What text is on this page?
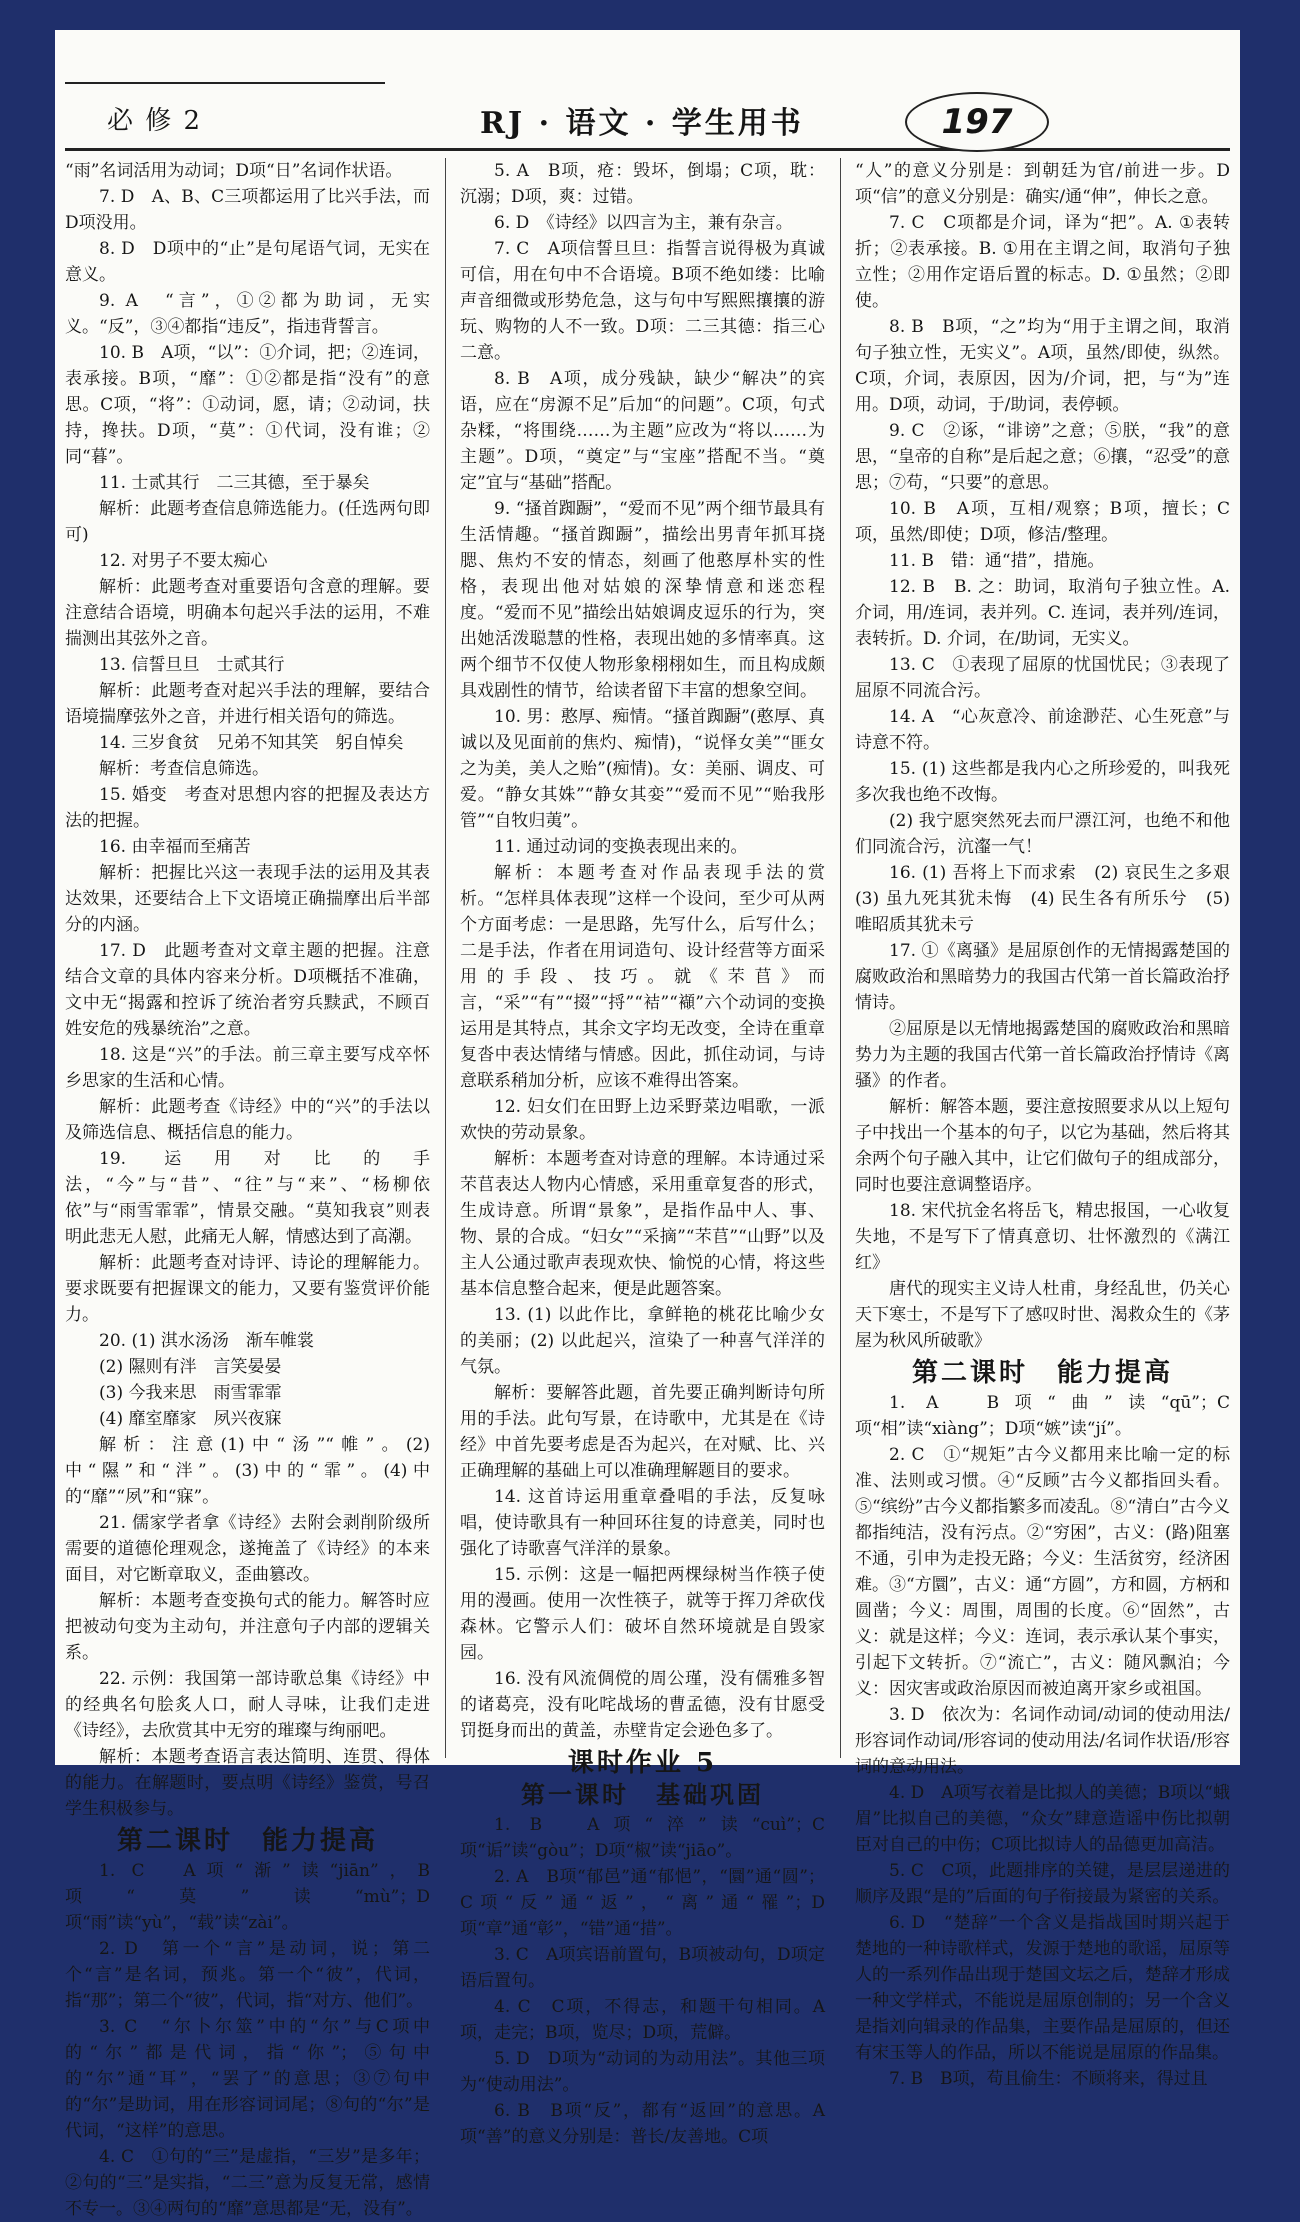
必 修 2	RJ · 语文 · 学生用书	197

“雨”名词活用为动词；D项“日”名词作状语。

7. D　A、B、C三项都运用了比兴手法，而D项没用。

8. D　D项中的“止”是句尾语气词，无实在意义。

9. A　“言”，①②都为助词，无实义。“反”，③④都指“违反”，指违背誓言。

10. B　A项，“以”：①介词，把；②连词，表承接。B项，“靡”：①②都是指“没有”的意思。C项，“将”：①动词，愿，请；②动词，扶持，搀扶。D项，“莫”：①代词，没有谁；②同“暮”。

11. 士贰其行　二三其德，至于暴矣

解析：此题考查信息筛选能力。(任选两句即可)

12. 对男子不要太痴心

解析：此题考查对重要语句含意的理解。要注意结合语境，明确本句起兴手法的运用，不难揣测出其弦外之音。

13. 信誓旦旦　士贰其行

解析：此题考查对起兴手法的理解，要结合语境揣摩弦外之音，并进行相关语句的筛选。

14. 三岁食贫　兄弟不知其笑　躬自悼矣

解析：考查信息筛选。

15. 婚变　考查对思想内容的把握及表达方法的把握。

16. 由幸福而至痛苦

解析：把握比兴这一表现手法的运用及其表达效果，还要结合上下文语境正确揣摩出后半部分的内涵。

17. D　此题考查对文章主题的把握。注意结合文章的具体内容来分析。D项概括不准确，文中无“揭露和控诉了统治者穷兵黩武，不顾百姓安危的残暴统治”之意。

18. 这是“兴”的手法。前三章主要写戍卒怀乡思家的生活和心情。

解析：此题考查《诗经》中的“兴”的手法以及筛选信息、概括信息的能力。

19. 运用对比的手法，“今”与“昔”、“往”与“来”、“杨柳依依”与“雨雪霏霏”，情景交融。“莫知我哀”则表明此悲无人慰，此痛无人解，情感达到了高潮。

解析：此题考查对诗评、诗论的理解能力。要求既要有把握课文的能力，又要有鉴赏评价能力。

20. (1) 淇水汤汤　渐车帷裳

(2) 隰则有泮　言笑晏晏

(3) 今我来思　雨雪霏霏

(4) 靡室靡家　夙兴夜寐

解析：注意(1)中“汤”“帷”。(2)中“隰”和“泮”。(3)中的“霏”。(4)中的“靡”“夙”和“寐”。

21. 儒家学者拿《诗经》去附会剥削阶级所需要的道德伦理观念，遂掩盖了《诗经》的本来面目，对它断章取义，歪曲篡改。

解析：本题考查变换句式的能力。解答时应把被动句变为主动句，并注意句子内部的逻辑关系。

22. 示例：我国第一部诗歌总集《诗经》中的经典名句脍炙人口，耐人寻味，让我们走进《诗经》，去欣赏其中无穷的璀璨与绚丽吧。

解析：本题考查语言表达简明、连贯、得体的能力。在解题时，要点明《诗经》鉴赏，号召学生积极参与。

第二课时　能力提高

1. C　A项“渐”读“jiān”，B项“莫”读“mù”；D项“雨”读“yù”，“载”读“zài”。

2. D　第一个“言”是动词，说；第二个“言”是名词，预兆。第一个“彼”，代词，指“那”；第二个“彼”，代词，指“对方、他们”。

3. C　“尔卜尔筮”中的“尔”与C项中的“尔”都是代词，指“你”；⑤句中的“尔”通“耳”，“罢了”的意思；③⑦句中的“尔”是助词，用在形容词词尾；⑧句的“尔”是代词，“这样”的意思。

4. C　①句的“三”是虚指，“三岁”是多年；②句的“三”是实指，“二三”意为反复无常，感情不专一。③④两句的“靡”意思都是“无，没有”。

5. A　B项，疮：毁坏，倒塌；C项，耽：沉溺；D项，爽：过错。

6. D　《诗经》以四言为主，兼有杂言。

7. C　A项信誓旦旦：指誓言说得极为真诚可信，用在句中不合语境。B项不绝如缕：比喻声音细微或形势危急，这与句中写熙熙攘攘的游玩、购物的人不一致。D项：二三其德：指三心二意。

8. B　A项，成分残缺，缺少“解决”的宾语，应在“房源不足”后加“的问题”。C项，句式杂糅，“将围绕……为主题”应改为“将以……为主题”。D项，“奠定”与“宝座”搭配不当。“奠定”宜与“基础”搭配。

9. “搔首踟蹰”，“爱而不见”两个细节最具有生活情趣。“搔首踟蹰”，描绘出男青年抓耳挠腮、焦灼不安的情态，刻画了他憨厚朴实的性格，表现出他对姑娘的深挚情意和迷恋程度。“爱而不见”描绘出姑娘调皮逗乐的行为，突出她活泼聪慧的性格，表现出她的多情率真。这两个细节不仅使人物形象栩栩如生，而且构成颇具戏剧性的情节，给读者留下丰富的想象空间。

10. 男：憨厚、痴情。“搔首踟蹰”(憨厚、真诚以及见面前的焦灼、痴情)，“说怿女美”“匪女之为美，美人之贻”(痴情)。女：美丽、调皮、可爱。“静女其姝”“静女其娈”“爱而不见”“贻我彤管”“自牧归荑”。

11. 通过动词的变换表现出来的。

解析：本题考查对作品表现手法的赏析。“怎样具体表现”这样一个设问，至少可从两个方面考虑：一是思路，先写什么，后写什么；二是手法，作者在用词造句、设计经营等方面采用的手段、技巧。就《芣苢》而言，“采”“有”“掇”“捋”“袺”“襭”六个动词的变换运用是其特点，其余文字均无改变，全诗在重章复沓中表达情绪与情感。因此，抓住动词，与诗意联系稍加分析，应该不难得出答案。

12. 妇女们在田野上边采野菜边唱歌，一派欢快的劳动景象。

解析：本题考查对诗意的理解。本诗通过采芣苢表达人物内心情感，采用重章复沓的形式，生成诗意。所谓“景象”，是指作品中人、事、物、景的合成。“妇女”“采摘”“芣苢”“山野”以及主人公通过歌声表现欢快、愉悦的心情，将这些基本信息整合起来，便是此题答案。

13. (1) 以此作比，拿鲜艳的桃花比喻少女的美丽；(2) 以此起兴，渲染了一种喜气洋洋的气氛。

解析：要解答此题，首先要正确判断诗句所用的手法。此句写景，在诗歌中，尤其是在《诗经》中首先要考虑是否为起兴，在对赋、比、兴正确理解的基础上可以准确理解题目的要求。

14. 这首诗运用重章叠唱的手法，反复咏唱，使诗歌具有一种回环往复的诗意美，同时也强化了诗歌喜气洋洋的景象。

15. 示例：这是一幅把两棵绿树当作筷子使用的漫画。使用一次性筷子，就等于挥刀斧砍伐森林。它警示人们：破坏自然环境就是自毁家园。

16. 没有风流倜傥的周公瑾，没有儒雅多智的诸葛亮，没有叱咤战场的曹孟德，没有甘愿受罚挺身而出的黄盖，赤壁肯定会逊色多了。

课时作业 5
第一课时　基础巩固

1. B　A项“淬”读“cuì”；C项“诟”读“gòu”；D项“椒”读“jiāo”。

2. A　B项“郁邑”通“郁悒”，“圜”通“圆”；C项“反”通“返”，“离”通“罹”；D项“章”通“彰”，“错”通“措”。

3. C　A项宾语前置句，B项被动句，D项定语后置句。

4. C　C项，不得志，和题干句相同。A项，走完；B项，览尽；D项，荒僻。

5. D　D项为“动词的为动用法”。其他三项为“使动用法”。

6. B　B项“反”，都有“返回”的意思。A项“善”的意义分别是：普长/友善地。C项

“人”的意义分别是：到朝廷为官/前进一步。D项“信”的意义分别是：确实/通“伸”，伸长之意。

7. C　C项都是介词，译为“把”。A. ①表转折；②表承接。B. ①用在主谓之间，取消句子独立性；②用作定语后置的标志。D. ①虽然；②即使。

8. B　B项，“之”均为“用于主谓之间，取消句子独立性，无实义”。A项，虽然/即使，纵然。C项，介词，表原因，因为/介词，把，与“为”连用。D项，动词，于/助词，表停顿。

9. C　②诼，“诽谤”之意；⑤朕，“我”的意思，“皇帝的自称”是后起之意；⑥攘，“忍受”的意思；⑦苟，“只要”的意思。

10. B　A项，互相/观察；B项，擅长；C项，虽然/即使；D项，修洁/整理。

11. B　错：通“措”，措施。

12. B　B. 之：助词，取消句子独立性。A. 介词，用/连词，表并列。C. 连词，表并列/连词，表转折。D. 介词，在/助词，无实义。

13. C　①表现了屈原的忧国忧民；③表现了屈原不同流合污。

14. A　“心灰意冷、前途渺茫、心生死意”与诗意不符。

15. (1) 这些都是我内心之所珍爱的，叫我死多次我也绝不改悔。

(2) 我宁愿突然死去而尸漂江河，也绝不和他们同流合污，沆瀣一气！

16. (1) 吾将上下而求索　(2) 哀民生之多艰　(3) 虽九死其犹未悔　(4) 民生各有所乐兮　(5) 唯昭质其犹未亏

17. ①《离骚》是屈原创作的无情揭露楚国的腐败政治和黑暗势力的我国古代第一首长篇政治抒情诗。

②屈原是以无情地揭露楚国的腐败政治和黑暗势力为主题的我国古代第一首长篇政治抒情诗《离骚》的作者。

解析：解答本题，要注意按照要求从以上短句子中找出一个基本的句子，以它为基础，然后将其余两个句子融入其中，让它们做句子的组成部分，同时也要注意调整语序。

18. 宋代抗金名将岳飞，精忠报国，一心收复失地，不是写下了情真意切、壮怀激烈的《满江红》

唐代的现实主义诗人杜甫，身经乱世，仍关心天下寒士，不是写下了感叹时世、渴救众生的《茅屋为秋风所破歌》

第二课时　能力提高

1. A　B项“曲”读“qū”；C项“相”读“xiàng”；D项“嫉”读“jí”。

2. C　①“规矩”古今义都用来比喻一定的标准、法则或习惯。④“反顾”古今义都指回头看。⑤“缤纷”古今义都指繁多而凌乱。⑧“清白”古今义都指纯洁，没有污点。②“穷困”，古义：(路)阻塞不通，引申为走投无路；今义：生活贫穷，经济困难。③“方圜”，古义：通“方圆”，方和圆，方柄和圆凿；今义：周围，周围的长度。⑥“固然”，古义：就是这样；今义：连词，表示承认某个事实，引起下文转折。⑦“流亡”，古义：随风飘泊；今义：因灾害或政治原因而被迫离开家乡或祖国。

3. D　依次为：名词作动词/动词的使动用法/形容词作动词/形容词的使动用法/名词作状语/形容词的意动用法。

4. D　A项写衣着是比拟人的美德；B项以“蛾眉”比拟自己的美德，“众女”肆意造谣中伤比拟朝臣对自己的中伤；C项比拟诗人的品德更加高洁。

5. C　C项，此题排序的关键，是层层递进的顺序及跟“是的”后面的句子衔接最为紧密的关系。

6. D　“楚辞”一个含义是指战国时期兴起于楚地的一种诗歌样式，发源于楚地的歌谣，屈原等人的一系列作品出现于楚国文坛之后，楚辞才形成一种文学样式，不能说是屈原创制的；另一个含义是指刘向辑录的作品集，主要作品是屈原的，但还有宋玉等人的作品，所以不能说是屈原的作品集。

7. B　B项，苟且偷生：不顾将来，得过且
